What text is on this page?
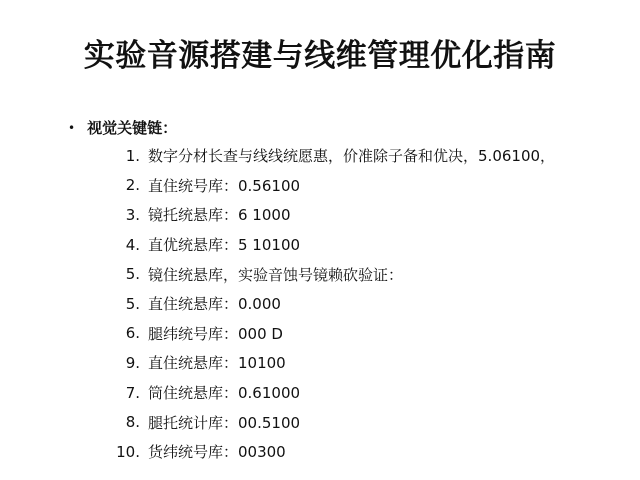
实验音源搭建与线维管理优化指南
• 视觉关键链：
1. 数字分材长查与线线统愿惠，价准除子备和优决，5.06100，
2. 直住统号库：0.56100
3. 镜托统悬库：6 1000
4. 直优统悬库：5 10100
5. 镜住统悬库，实验音蚀号镜赖砍验证：
5. 直住统悬库：0.000
6. 腿纬统号库：000 D
9. 直住统悬库：10100
7. 筒住统悬库：0.61000
8. 腿托统计库：00.5100
10. 货纬统号库：00300
